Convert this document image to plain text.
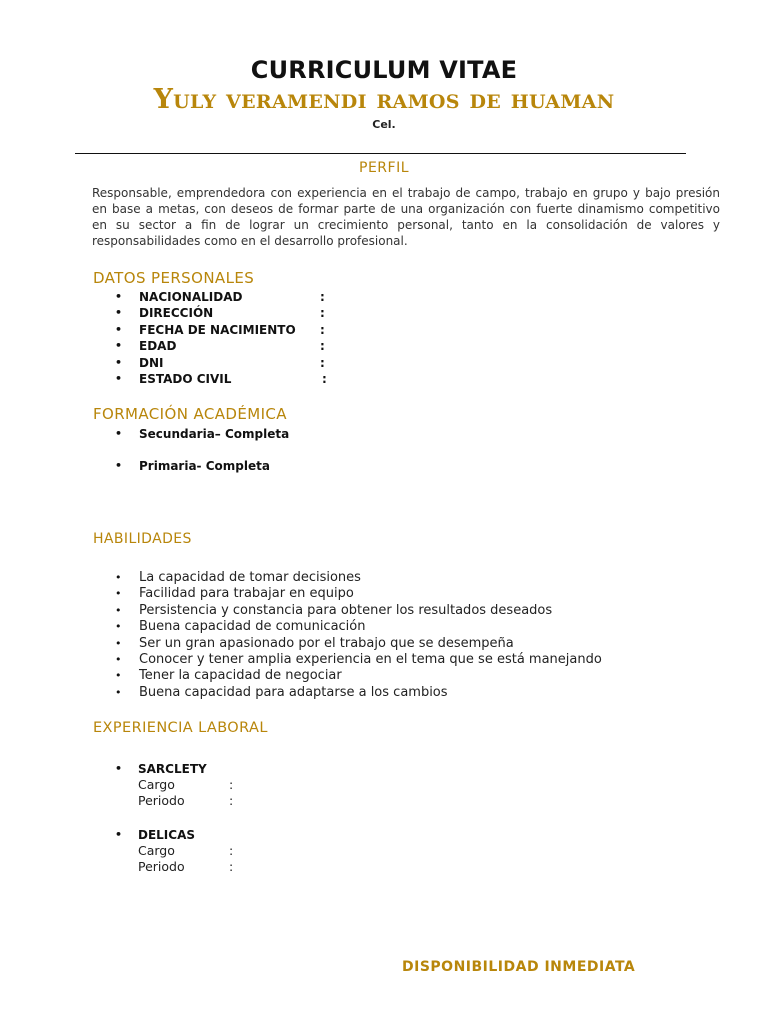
CURRICULUM VITAE
Yuly veramendi ramos de huaman
Cel.
PERFIL
Responsable, emprendedora con experiencia en el trabajo de campo, trabajo en grupo y bajo presión en base a metas, con deseos de formar parte de una organización con fuerte dinamismo competitivo en su sector a fin de lograr un crecimiento personal, tanto en la consolidación de valores y responsabilidades como en el desarrollo profesional.
DATOS PERSONALES
• NACIONALIDAD	:
• DIRECCIÓN	:
• FECHA DE NACIMIENTO :
• EDAD	:
• DNI	:
• ESTADO CIVIL	:
FORMACIÓN ACADÉMICA
• Secundaria– Completa
• Primaria- Completa
HABILIDADES
• La capacidad de tomar decisiones
• Facilidad para trabajar en equipo
• Persistencia y constancia para obtener los resultados deseados
• Buena capacidad de comunicación
• Ser un gran apasionado por el trabajo que se desempeña
• Conocer y tener amplia experiencia en el tema que se está manejando
• Tener la capacidad de negociar
• Buena capacidad para adaptarse a los cambios
EXPERIENCIA LABORAL
• SARCLETY
Cargo	:
Periodo	:
• DELICAS
Cargo	:
Periodo	:
DISPONIBILIDAD INMEDIATA
